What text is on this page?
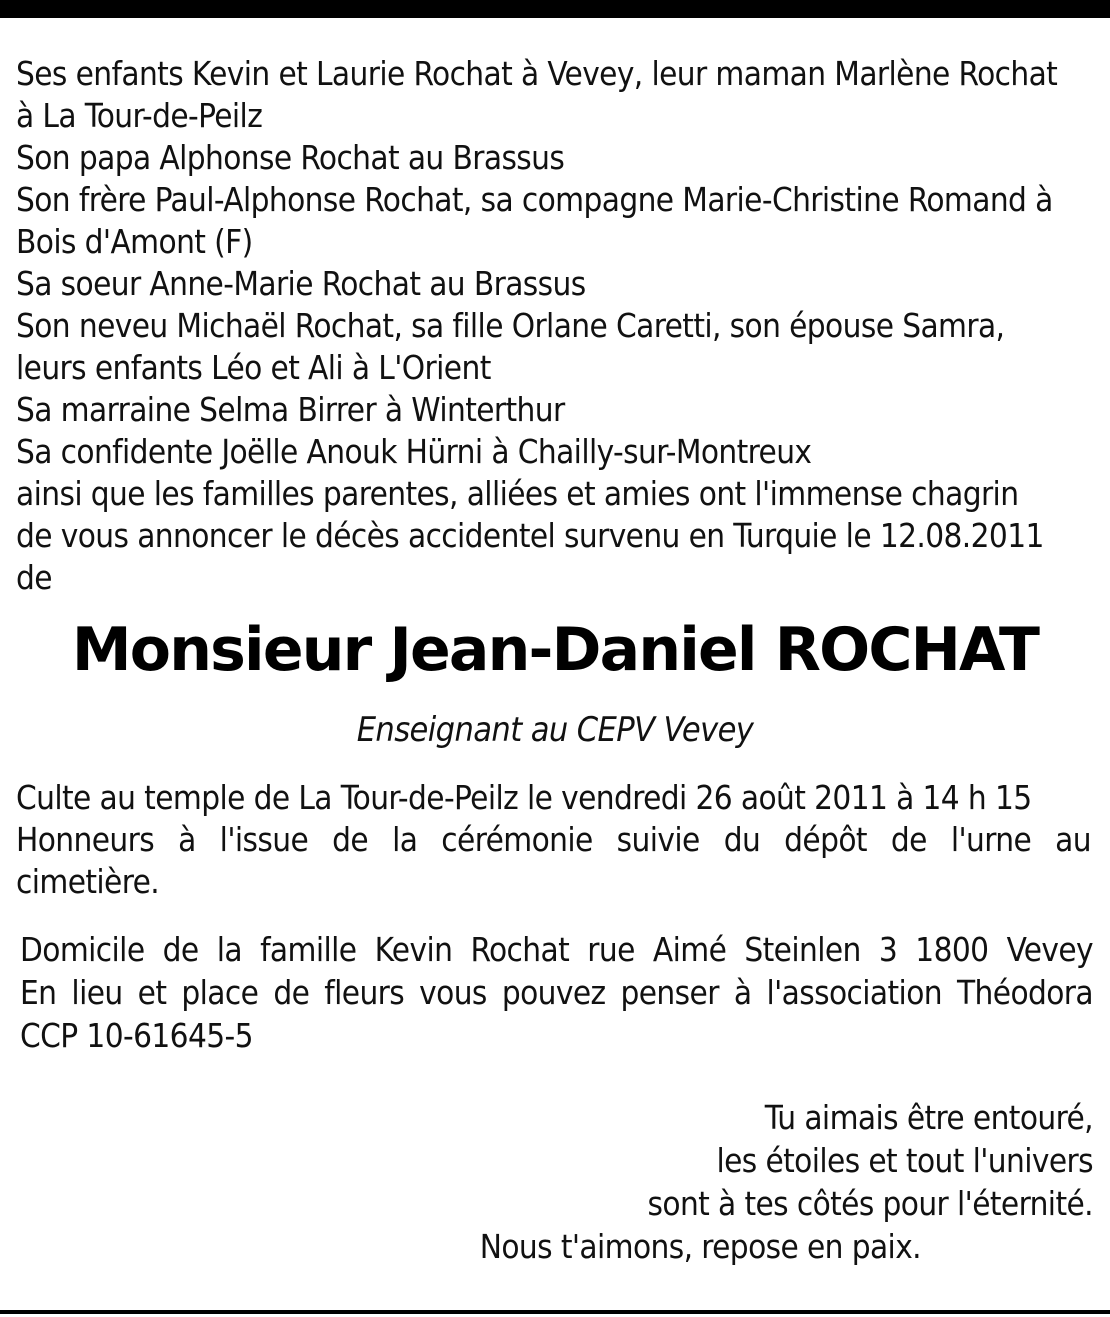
Ses enfants Kevin et Laurie Rochat à Vevey, leur maman Marlène Rochat
à La Tour-de-Peilz
Son papa Alphonse Rochat au Brassus
Son frère Paul-Alphonse Rochat, sa compagne Marie-Christine Romand à
Bois d'Amont (F)
Sa soeur Anne-Marie Rochat au Brassus
Son neveu Michaël Rochat, sa fille Orlane Caretti, son épouse Samra,
leurs enfants Léo et Ali à L'Orient
Sa marraine Selma Birrer à Winterthur
Sa confidente Joëlle Anouk Hürni à Chailly-sur-Montreux
ainsi que les familles parentes, alliées et amies ont l'immense chagrin
de vous annoncer le décès accidentel survenu en Turquie le 12.08.2011
de
Monsieur Jean-Daniel ROCHAT
Enseignant au CEPV Vevey
Culte au temple de La Tour-de-Peilz le vendredi 26 août 2011 à 14 h 15
Honneurs à l'issue de la cérémonie suivie du dépôt de l'urne au
cimetière.
Domicile de la famille Kevin Rochat rue Aimé Steinlen 3 1800 Vevey
En lieu et place de fleurs vous pouvez penser à l'association Théodora
CCP 10-61645-5
Tu aimais être entouré,
les étoiles et tout l'univers
sont à tes côtés pour l'éternité.
Nous t'aimons, repose en paix.
